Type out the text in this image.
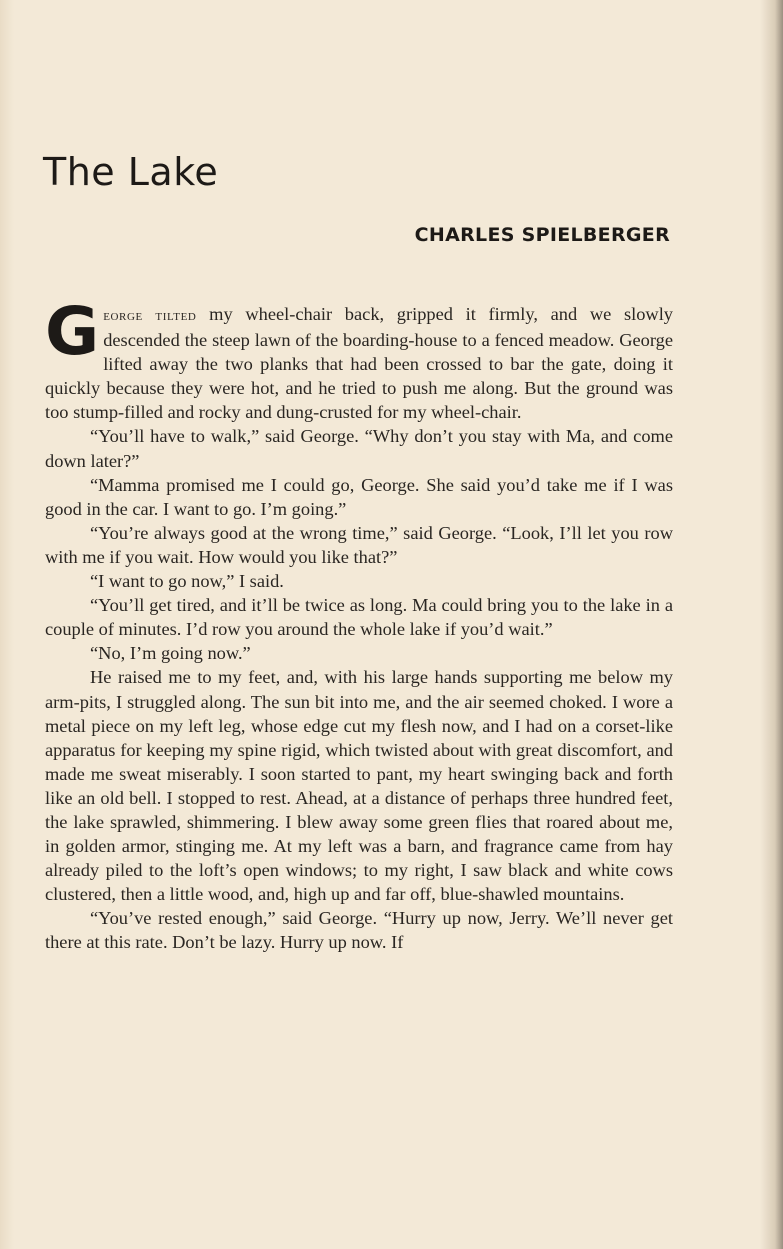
The Lake
CHARLES SPIELBERGER

George tilted my wheel-chair back, gripped it firmly, and we slowly descended the steep lawn of the boarding-house to a fenced meadow. George lifted away the two planks that had been crossed to bar the gate, doing it quickly because they were hot, and he tried to push me along. But the ground was too stump-filled and rocky and dung-crusted for my wheel-chair.

“You’ll have to walk,” said George. “Why don’t you stay with Ma, and come down later?”

“Mamma promised me I could go, George. She said you’d take me if I was good in the car. I want to go. I’m going.”

“You’re always good at the wrong time,” said George. “Look, I’ll let you row with me if you wait. How would you like that?”

“I want to go now,” I said.

“You’ll get tired, and it’ll be twice as long. Ma could bring you to the lake in a couple of minutes. I’d row you around the whole lake if you’d wait.”

“No, I’m going now.”

He raised me to my feet, and, with his large hands supporting me below my arm-pits, I struggled along. The sun bit into me, and the air seemed choked. I wore a metal piece on my left leg, whose edge cut my flesh now, and I had on a corset-like apparatus for keeping my spine rigid, which twisted about with great discomfort, and made me sweat miserably. I soon started to pant, my heart swinging back and forth like an old bell. I stopped to rest. Ahead, at a distance of perhaps three hundred feet, the lake sprawled, shimmering. I blew away some green flies that roared about me, in golden armor, stinging me. At my left was a barn, and fragrance came from hay already piled to the loft’s open windows; to my right, I saw black and white cows clustered, then a little wood, and, high up and far off, blue-shawled mountains.

“You’ve rested enough,” said George. “Hurry up now, Jerry. We’ll never get there at this rate. Don’t be lazy. Hurry up now. If
